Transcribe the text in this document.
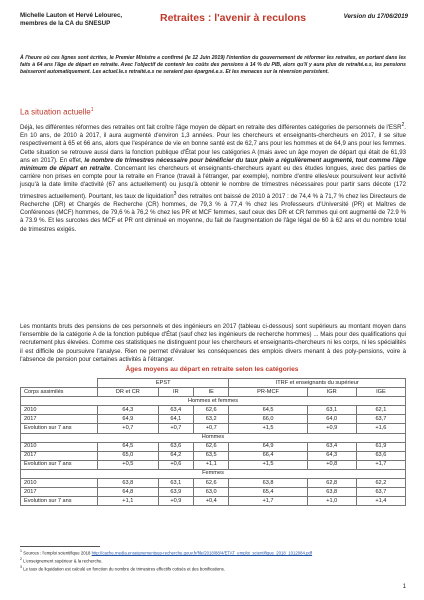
Michelle Lauton et Hervé Lelourec,
membres de la CA du SNESUP	Retraites : l'avenir à reculons	Version du 17/06/2019
À l'heure où ces lignes sont écrites, le Premier Ministre a confirmé (le 12 Juin 2019) l'intention du gouvernement de réformer les retraites, en portant dans les faits à 64 ans l'âge de départ en retraite. Avec l'objectif de contenir les coûts des pensions à 14 % du PIB, alors qu'il y aura plus de retraité.e.s, les pensions baisseront automatiquement. Les actuel.le.s retraité.e.s ne seraient pas épargné.e.s. Et les menaces sur la réversion persistent.
La situation actuelle$^1$
Déjà, les différentes réformes des retraites ont fait croître l'âge moyen de départ en retraite des différentes catégories de personnels de l'ESR$^2$. En 10 ans, de 2010 à 2017, il aura augmenté d'environ 1,3 années. Pour les chercheurs et enseignants-chercheurs en 2017, il se situe respectivement à 65 et 66 ans, alors que l'espérance de vie en bonne santé est de 62,7 ans pour les hommes et de 64,9 ans pour les femmes. Cette situation se retrouve aussi dans la fonction publique d'État pour les catégories A (mais avec un âge moyen de départ qui était de 61,93 ans en 2017). En effet, le nombre de trimestres nécessaire pour bénéficier du taux plein a régulièrement augmenté, tout comme l'âge minimum de départ en retraite. Concernant les chercheurs et enseignants-chercheurs ayant eu des études longues, avec des parties de carrière non prises en compte pour la retraite en France (travail à l'étranger, par exemple), nombre d'entre elles/eux poursuivent leur activité jusqu'à la date limite d'activité (67 ans actuellement) ou jusqu'à obtenir le nombre de trimestres nécessaires pour partir sans décote (172 trimestres actuellement). Pourtant, les taux de liquidation$^3$ des retraites ont baissé de 2010 à 2017 : de 74,4 % à 71,7 % chez les Directeurs de Recherche (DR) et Chargés de Recherche (CR) hommes, de 79,3 % à 77,4 % chez les Professeurs d'Université (PR) et Maîtres de Conférences (MCF) hommes, de 79,6 % à 76,2 % chez les PR et MCF femmes, sauf ceux des DR et CR femmes qui ont augmenté de 72.9 % à 73.9 %. Et les surcotes des MCF et PR ont diminué en moyenne, du fait de l'augmentation de l'âge légal de 60 à 62 ans et du nombre total de trimestres exigés.
Les montants bruts des pensions de ces personnels et des ingénieurs en 2017 (tableau ci-dessous) sont supérieurs au montant moyen dans l'ensemble de la catégorie A de la fonction publique d'État (sauf chez les ingénieurs de recherche hommes) ... Mais pour des qualifications qui recrutement plus élevées. Comme ces statistiques ne distinguent pour les chercheurs et enseignants-chercheurs ni les corps, ni les spécialités il est difficile de poursuivre l'analyse. Rien ne permet d'évaluer les conséquences des emplois divers menant à des poly-pensions, voire à l'absence de pension pour certaines activités à l'étranger.
Âges moyens au départ en retraite selon les catégories
	EPST			ITRF et enseignants du supérieur		
Corps assimilés	DR et CR	IR	IE	PR-MCF	IGR	IGE
Hommes et femmes						
2010	64,3	63,4	62,6	64,5	63,1	62,1
2017	64,9	64,1	63,2	66,0	64,0	63,7
Evolution sur 7 ans	+0,7	+0,7	+0,7	+1,5	+0,9	+1,6
Hommes						
2010	64,5	63,6	62,6	64,9	63,4	61,9
2017	65,0	64,2	63,5	66,4	64,3	63,6
Evolution sur 7 ans	+0,5	+0,6	+1,1	+1,5	+0,8	+1,7
Femmes						
2010	63,8	63,1	62,6	63,8	62,8	62,2
2017	64,8	63,9	63,0	65,4	63,8	63,7
Evolution sur 7 ans	+1,1	+0,9	+0,4	+1,7	+1,0	+1,4
$^1$ Sources : l'emploi scientifique 2018 http://cache.media.enseignementsup-recherche.gouv.fr/file/2018/88/4/ETAT_emploi_scientifique_2018_1012084.pdf
$^2$ L'enseignement supérieur & la recherche.
$^3$ Le taux de liquidation est calculé en fonction du nombre de trimestres effectifs cotisés et des bonifications.
1
